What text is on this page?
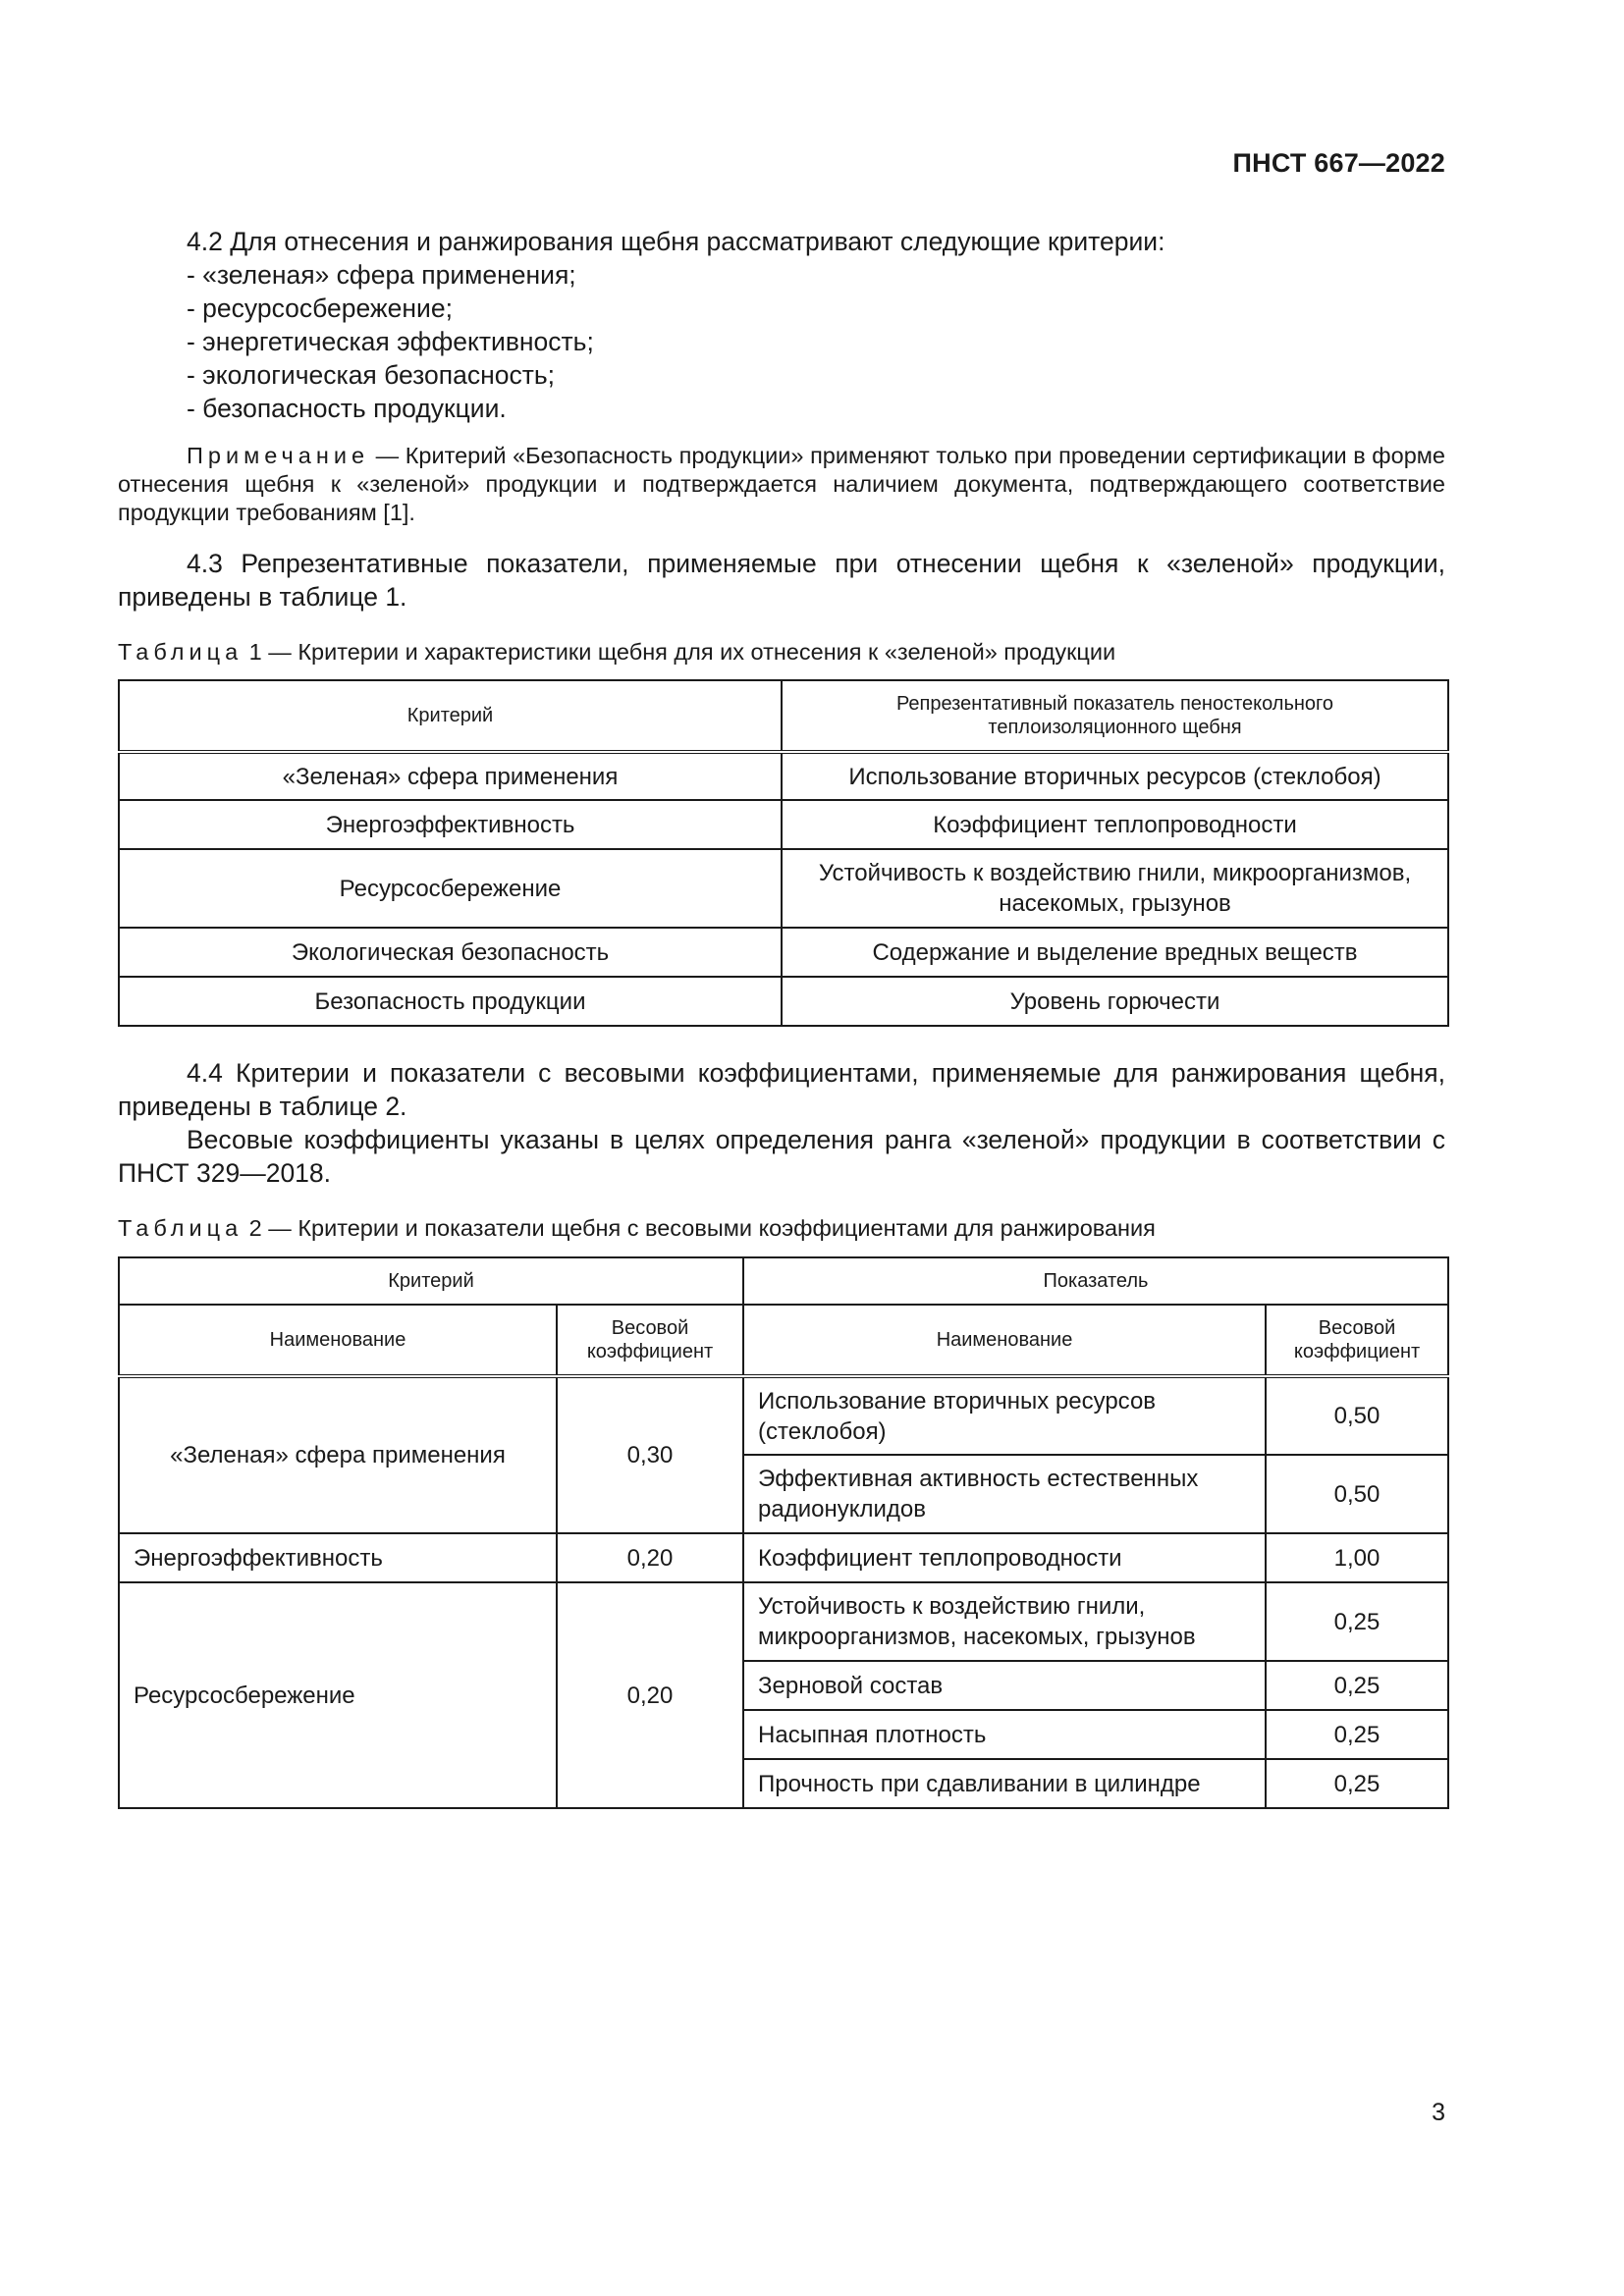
ПНСТ 667—2022

4.2 Для отнесения и ранжирования щебня рассматривают следующие критерии:

- «зеленая» сфера применения;

- ресурсосбережение;

- энергетическая эффективность;

- экологическая безопасность;

- безопасность продукции.

Примечание — Критерий «Безопасность продукции» применяют только при проведении сертификации в форме отнесения щебня к «зеленой» продукции и подтверждается наличием документа, подтверждающего соответствие продукции требованиям [1].

4.3 Репрезентативные показатели, применяемые при отнесении щебня к «зеленой» продукции, приведены в таблице 1.

Таблица 1 — Критерии и характеристики щебня для их отнесения к «зеленой» продукции
Критерий	Репрезентативный показатель пеностекольного теплоизоляционного щебня

«Зеленая» сфера применения	Использование вторичных ресурсов (стеклобоя)
Энергоэффективность	Коэффициент теплопроводности
Ресурсосбережение	Устойчивость к воздействию гнили, микроорганизмов, насекомых, грызунов

Экологическая безопасность	Содержание и выделение вредных веществ
Безопасность продукции	Уровень горючести

4.4 Критерии и показатели с весовыми коэффициентами, применяемые для ранжирования щебня, приведены в таблице 2.

Весовые коэффициенты указаны в целях определения ранга «зеленой» продукции в соответствии с ПНСТ 329—2018.

Таблица 2 — Критерии и показатели щебня с весовыми коэффициентами для ранжирования
Критерий		Показатель	
Наименование	Весовой коэффициент	Наименование	Весовой коэффициент
«Зеленая» сфера применения	0,30	Использование вторичных ресурсов (стеклобоя)	0,50
		Эффективная активность естественных радионуклидов	0,50
Энергоэффективность	0,20	Коэффициент теплопроводности	1,00
Ресурсосбережение	0,20	Устойчивость к воздействию гнили, микроорганизмов, насекомых, грызунов	0,25
		Зерновой состав	0,25
		Насыпная плотность	0,25
		Прочность при сдавливании в цилиндре	0,25
3
